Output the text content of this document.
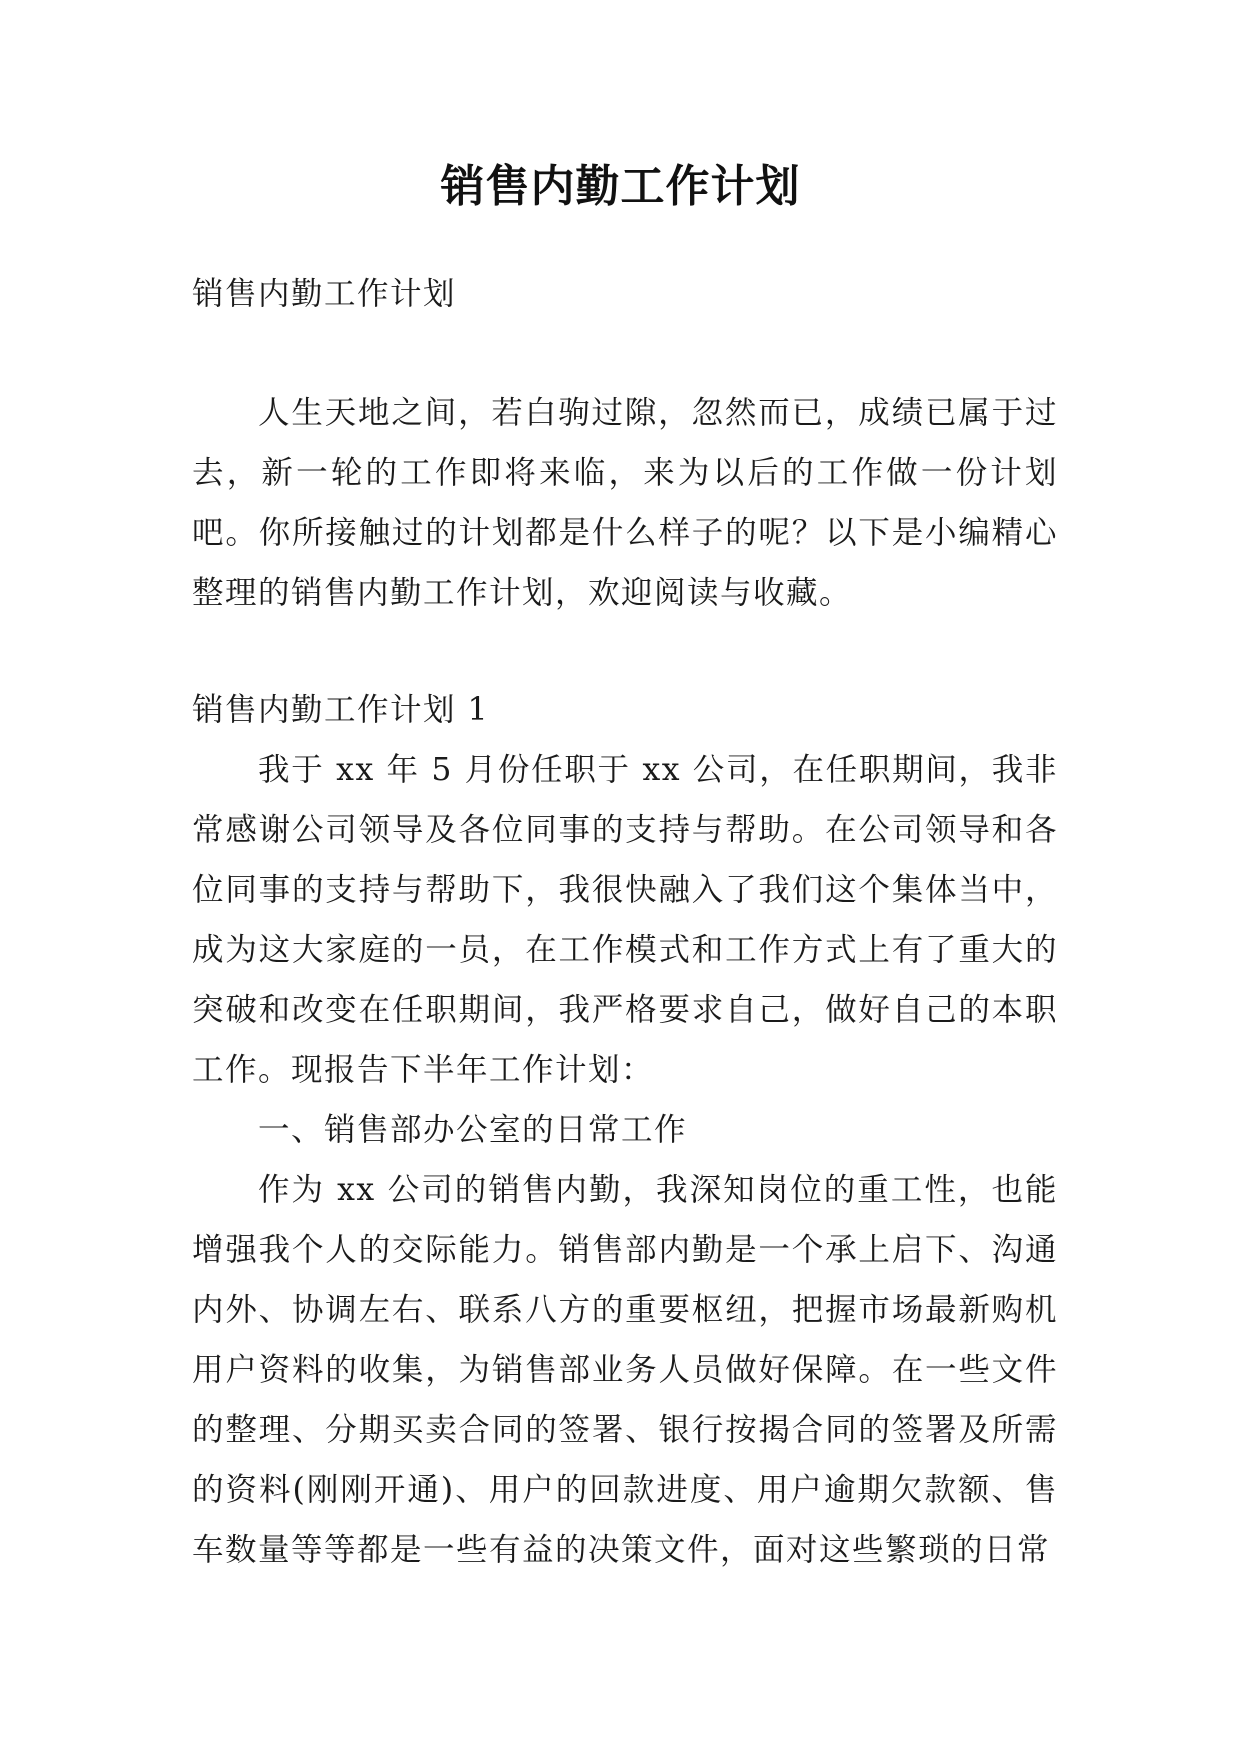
销售内勤工作计划

销售内勤工作计划

人生天地之间，若白驹过隙，忽然而已，成绩已属于过去，新一轮的工作即将来临，来为以后的工作做一份计划吧。你所接触过的计划都是什么样子的呢？以下是小编精心整理的销售内勤工作计划，欢迎阅读与收藏。

销售内勤工作计划 1

我于 xx 年 5 月份任职于 xx 公司，在任职期间，我非常感谢公司领导及各位同事的支持与帮助。在公司领导和各位同事的支持与帮助下，我很快融入了我们这个集体当中，成为这大家庭的一员，在工作模式和工作方式上有了重大的突破和改变在任职期间，我严格要求自己，做好自己的本职工作。现报告下半年工作计划：

一、销售部办公室的日常工作

作为 xx 公司的销售内勤，我深知岗位的重工性，也能增强我个人的交际能力。销售部内勤是一个承上启下、沟通内外、协调左右、联系八方的重要枢纽，把握市场最新购机用户资料的收集，为销售部业务人员做好保障。在一些文件的整理、分期买卖合同的签署、银行按揭合同的签署及所需的资料(刚刚开通)、用户的回款进度、用户逾期欠款额、售车数量等等都是一些有益的决策文件，面对这些繁琐的日常
